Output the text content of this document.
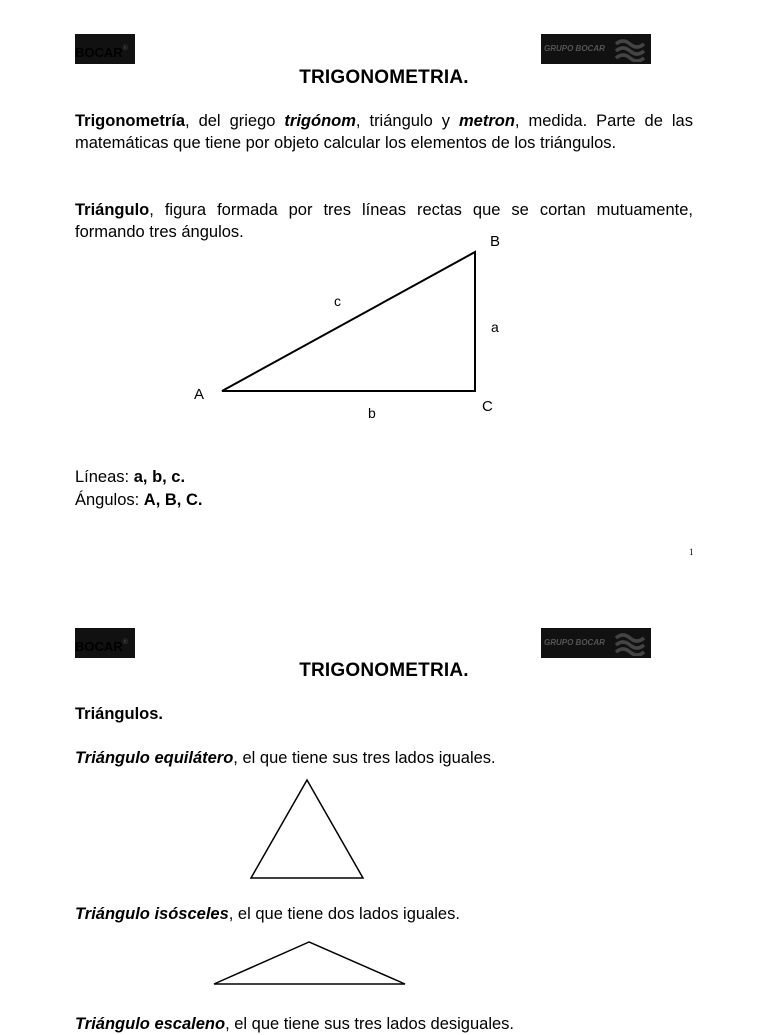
BOCAR®	GRUPO BOCAR
TRIGONOMETRIA.
Trigonometría, del griego trigónom, triángulo y metron, medida. Parte de las matemáticas que tiene por objeto calcular los elementos de los triángulos.
Triángulo, figura formada por tres líneas rectas que se cortan mutuamente, formando tres ángulos.
B
A
C
c
a
b
Líneas: a, b, c.
Ángulos: A, B, C.
1
BOCAR®	GRUPO BOCAR
TRIGONOMETRIA.
Triángulos.
Triángulo equilátero, el que tiene sus tres lados iguales.
Triángulo isósceles, el que tiene dos lados iguales.
Triángulo escaleno, el que tiene sus tres lados desiguales.
